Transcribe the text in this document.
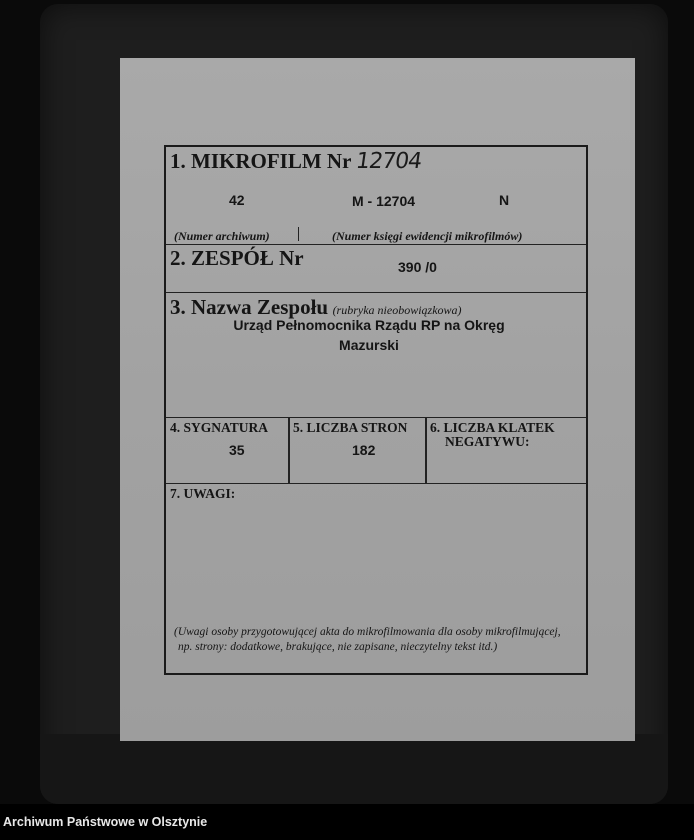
1. MIKROFILM Nr 12704
42	M - 12704	N
(Numer archiwum)	(Numer księgi ewidencji mikrofilmów)
2. ZESPÓŁ Nr	390 /0
3. Nazwa Zespołu (rubryka nieobowiązkowa)
Urząd Pełnomocnika Rządu RP na Okręg
Mazurski
4. SYGNATURA
35
5. LICZBA STRON
182
6. LICZBA KLATEK
NEGATYWU:
7. UWAGI:
(Uwagi osoby przygotowującej akta do mikrofilmowania dla osoby mikrofilmującej,
np. strony: dodatkowe, brakujące, nie zapisane, nieczytelny tekst itd.)
Archiwum Państwowe w Olsztynie
